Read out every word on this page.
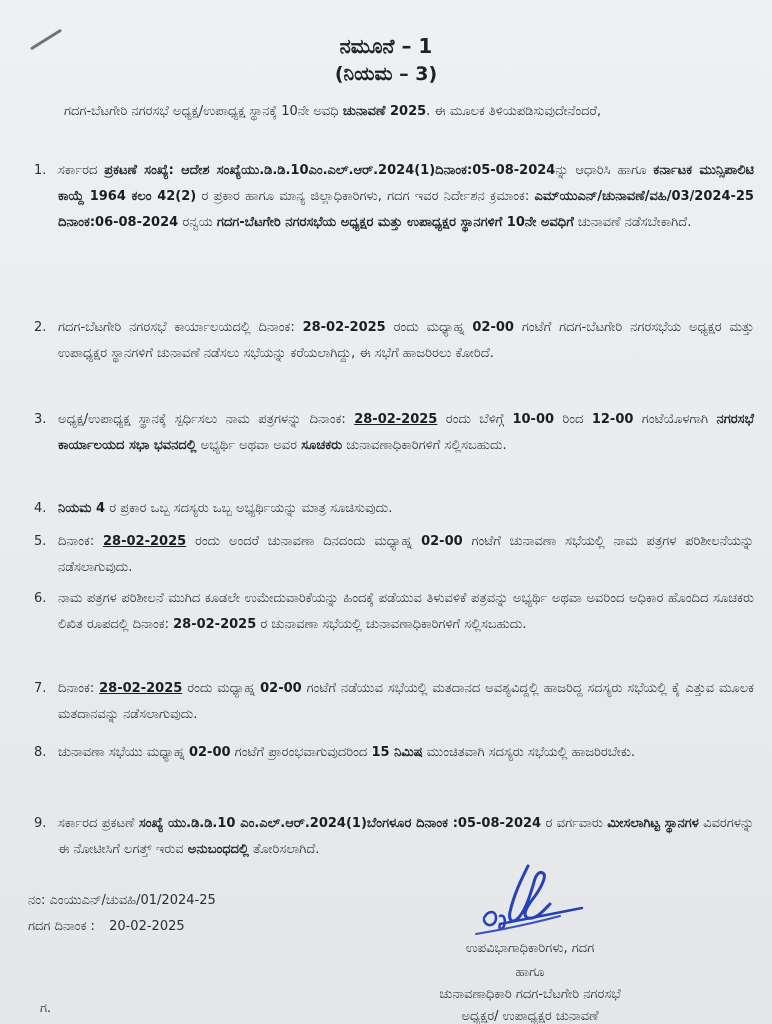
ನಮೂನೆ – 1
(ನಿಯಮ – 3)
ಗದಗ-ಬೆಟಗೇರಿ ನಗರಸಭೆ ಅಧ್ಯಕ್ಷ/ಉಪಾಧ್ಯಕ್ಷ ಸ್ಥಾನಕ್ಕೆ 10ನೇ ಅವಧಿ ಚುನಾವಣೆ 2025. ಈ ಮೂಲಕ ತಿಳಿಯಪಡಿಸುವುದೇನೆಂದರೆ,
1. ಸರ್ಕಾರದ ಪ್ರಕಟಣೆ ಸಂಖ್ಯೆ: ಆದೇಶ ಸಂಖ್ಯೆಯು.ಡಿ.ಡಿ.10ಎಂ.ಎಲ್.ಆರ್.2024(1)ದಿನಾಂಕ:05-08-2024ನ್ನು ಆಧಾರಿಸಿ ಹಾಗೂ ಕರ್ನಾಟಕ ಮುನ್ಸಿಪಾಲಿಟಿ ಕಾಯ್ದೆ 1964 ಕಲಂ 42(2) ರ ಪ್ರಕಾರ ಹಾಗೂ ಮಾನ್ಯ ಜಿಲ್ಲಾಧಿಕಾರಿಗಳು, ಗದಗ ಇವರ ನಿರ್ದೇಶನ ಕ್ರಮಾಂಕ: ಎಮ್‌ಯುಎನ್/ಚುನಾವಣೆ/ವಹಿ/03/2024-25 ದಿನಾಂಕ:06-08-2024 ರನ್ವಯ ಗದಗ-ಬೆಟಗೇರಿ ನಗರಸಭೆಯ ಅಧ್ಯಕ್ಷರ ಮತ್ತು ಉಪಾಧ್ಯಕ್ಷರ ಸ್ಥಾನಗಳಿಗೆ 10ನೇ ಅವಧಿಗೆ ಚುನಾವಣೆ ನಡೆಸಬೇಕಾಗಿದೆ.
2. ಗದಗ-ಬೆಟಗೇರಿ ನಗರಸಭೆ ಕಾರ್ಯಾಲಯದಲ್ಲಿ ದಿನಾಂಕ: 28-02-2025 ರಂದು ಮಧ್ಯಾಹ್ನ 02-00 ಗಂಟೆಗೆ ಗದಗ-ಬೆಟಗೇರಿ ನಗರಸಭೆಯ ಅಧ್ಯಕ್ಷರ ಮತ್ತು ಉಪಾಧ್ಯಕ್ಷರ ಸ್ಥಾನಗಳಿಗೆ ಚುನಾವಣೆ ನಡೆಸಲು ಸಭೆಯನ್ನು ಕರೆಯಲಾಗಿದ್ದು, ಈ ಸಭೆಗೆ ಹಾಜರಿರಲು ಕೋರಿದೆ.
3. ಅಧ್ಯಕ್ಷ/ಉಪಾಧ್ಯಕ್ಷ ಸ್ಥಾನಕ್ಕೆ ಸ್ಪರ್ಧಿಸಲು ನಾಮ ಪತ್ರಗಳನ್ನು ದಿನಾಂಕ: 28-02-2025 ರಂದು ಬೆಳಿಗ್ಗೆ 10-00 ರಿಂದ 12-00 ಗಂಟೆಯೊಳಗಾಗಿ ನಗರಸಭೆ ಕಾರ್ಯಾಲಯದ ಸಭಾ ಭವನದಲ್ಲಿ ಅಭ್ಯರ್ಥಿ ಅಥವಾ ಅವರ ಸೂಚಕರು ಚುನಾವಣಾಧಿಕಾರಿಗಳಿಗೆ ಸಲ್ಲಿಸಬಹುದು.
4. ನಿಯಮ 4 ರ ಪ್ರಕಾರ ಒಬ್ಬ ಸದಸ್ಯರು ಒಬ್ಬ ಅಭ್ಯರ್ಥಿಯನ್ನು ಮಾತ್ರ ಸೂಚಿಸುವುದು.
5. ದಿನಾಂಕ: 28-02-2025 ರಂದು ಅಂದರೆ ಚುನಾವಣಾ ದಿನದಂದು ಮಧ್ಯಾಹ್ನ 02-00 ಗಂಟೆಗೆ ಚುನಾವಣಾ ಸಭೆಯಲ್ಲಿ ನಾಮ ಪತ್ರಗಳ ಪರಿಶೀಲನೆಯನ್ನು ನಡೆಸಲಾಗುವುದು.
6. ನಾಮ ಪತ್ರಗಳ ಪರಿಶೀಲನೆ ಮುಗಿದ ಕೂಡಲೇ ಉಮೇದುವಾರಿಕೆಯನ್ನು ಹಿಂದಕ್ಕೆ ಪಡೆಯುವ ತಿಳುವಳಿಕೆ ಪತ್ರವನ್ನು ಅಭ್ಯರ್ಥಿ ಅಥವಾ ಅವರಿಂದ ಅಧಿಕಾರ ಹೊಂದಿದ ಸೂಚಕರು ಲಿಖಿತ ರೂಪದಲ್ಲಿ ದಿನಾಂಕ: 28-02-2025 ರ ಚುನಾವಣಾ ಸಭೆಯಲ್ಲಿ ಚುನಾವಣಾಧಿಕಾರಿಗಳಿಗೆ ಸಲ್ಲಿಸಬಹುದು.
7. ದಿನಾಂಕ: 28-02-2025 ರಂದು ಮಧ್ಯಾಹ್ನ 02-00 ಗಂಟೆಗೆ ನಡೆಯುವ ಸಭೆಯಲ್ಲಿ ಮತದಾನದ ಅವಶ್ಯವಿದ್ದಲ್ಲಿ ಹಾಜರಿದ್ದ ಸದಸ್ಯರು ಸಭೆಯಲ್ಲಿ ಕೈ ಎತ್ತುವ ಮೂಲಕ ಮತದಾನವನ್ನು ನಡೆಸಲಾಗುವುದು.
8. ಚುನಾವಣಾ ಸಭೆಯು ಮಧ್ಯಾಹ್ನ 02-00 ಗಂಟೆಗೆ ಪ್ರಾರಂಭವಾಗುವುದರಿಂದ 15 ನಿಮಿಷ ಮುಂಚಿತವಾಗಿ ಸದಸ್ಯರು ಸಭೆಯಲ್ಲಿ ಹಾಜರಿರಬೇಕು.
9. ಸರ್ಕಾರದ ಪ್ರಕಟಣೆ ಸಂಖ್ಯೆ ಯು.ಡಿ.ಡಿ.10 ಎಂ.ಎಲ್.ಆರ್.2024(1)ಬೆಂಗಳೂರ ದಿನಾಂಕ :05-08-2024 ರ ವರ್ಗವಾರು ಮೀಸಲಾಗಿಟ್ಟ ಸ್ಥಾನಗಳ ವಿವರಗಳನ್ನು ಈ ನೋಟೀಸಿಗೆ ಲಗತ್ತ್ ಇರುವ ಅನುಬಂಧದಲ್ಲಿ ತೋರಿಸಲಾಗಿದೆ.
ನಂ: ಎಂಯುಎನ್/ಚುವಹಿ/01/2024-25
ಗದಗ ದಿನಾಂಕ : 20-02-2025
ಉಪವಿಭಾಗಾಧಿಕಾರಿಗಳು, ಗದಗ
ಹಾಗೂ
ಚುನಾವಣಾಧಿಕಾರಿ ಗದಗ-ಬೆಟಗೇರಿ ನಗರಸಭೆ
ಅಧ್ಯಕ್ಷರ/ ಉಪಾಧ್ಯಕ್ಷರ ಚುನಾವಣೆ
ಗ.
